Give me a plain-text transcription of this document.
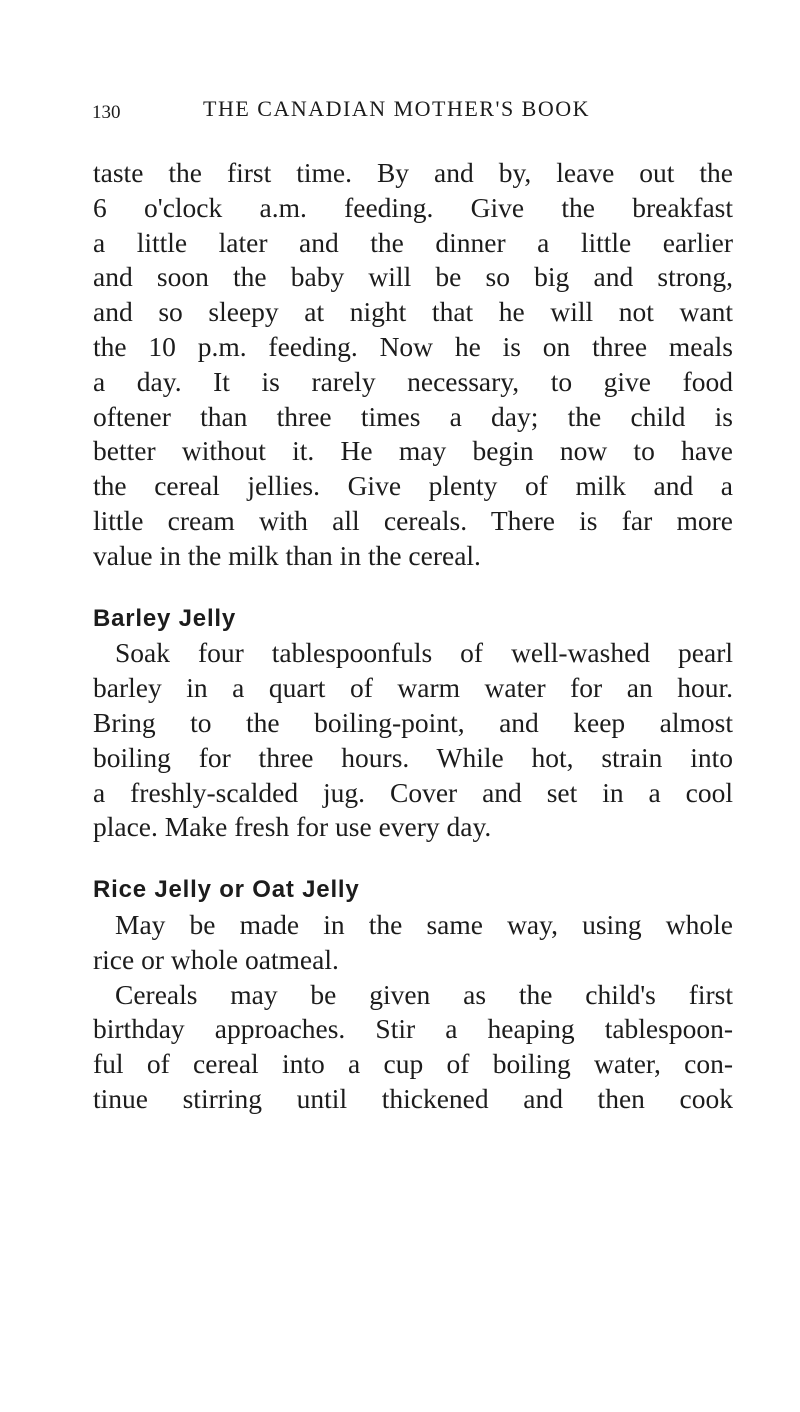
130	THE CANADIAN MOTHER'S BOOK
taste the first time. By and by, leave out the
6 o'clock a.m. feeding. Give the breakfast
a little later and the dinner a little earlier
and soon the baby will be so big and strong,
and so sleepy at night that he will not want
the 10 p.m. feeding. Now he is on three meals
a day. It is rarely necessary, to give food
oftener than three times a day; the child is
better without it. He may begin now to have
the cereal jellies. Give plenty of milk and a
little cream with all cereals. There is far more
value in the milk than in the cereal.
Barley Jelly
Soak four tablespoonfuls of well-washed pearl
barley in a quart of warm water for an hour.
Bring to the boiling-point, and keep almost
boiling for three hours. While hot, strain into
a freshly-scalded jug. Cover and set in a cool
place. Make fresh for use every day.
Rice Jelly or Oat Jelly
May be made in the same way, using whole
rice or whole oatmeal.
Cereals may be given as the child's first
birthday approaches. Stir a heaping tablespoon-
ful of cereal into a cup of boiling water, con-
tinue stirring until thickened and then cook
